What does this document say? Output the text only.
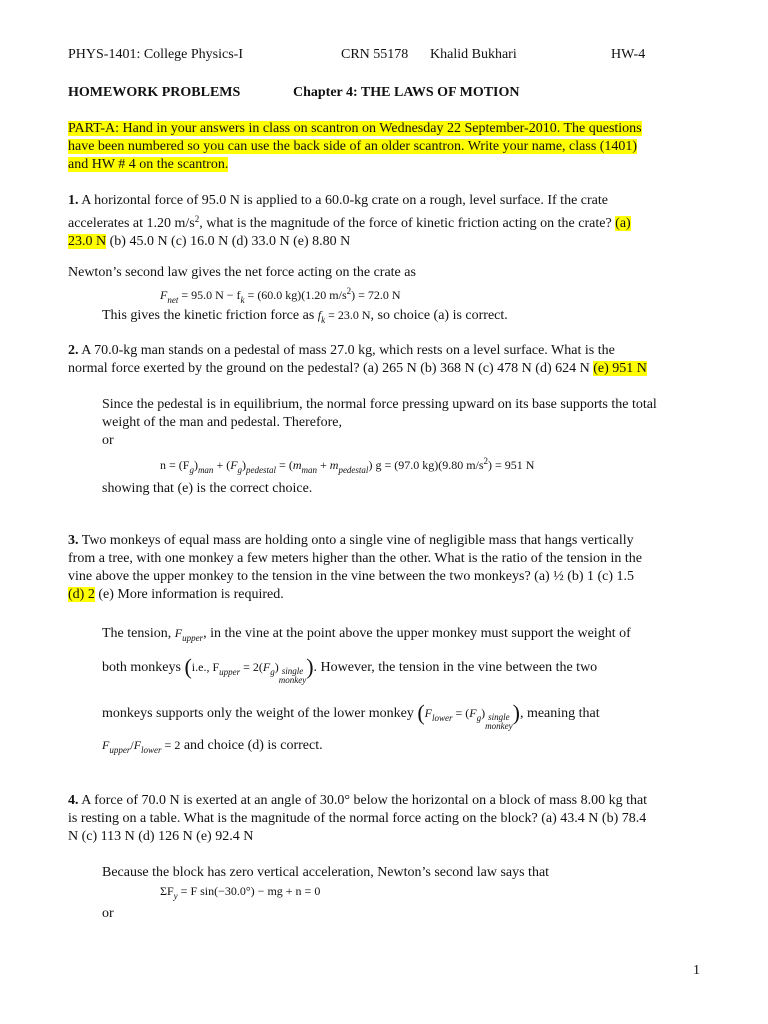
PHYS-1401: College Physics-I	CRN 55178 Khalid Bukhari	HW-4
HOMEWORK PROBLEMS	Chapter 4: THE LAWS OF MOTION
PART-A: Hand in your answers in class on scantron on Wednesday 22 September-2010. The questions
have been numbered so you can use the back side of an older scantron. Write your name, class (1401)
and HW # 4 on the scantron.
1. A horizontal force of 95.0 N is applied to a 60.0-kg crate on a rough, level surface. If the crate
accelerates at 1.20 $m/s^2$, what is the magnitude of the force of kinetic friction acting on the crate? (a)
23.0 N (b) 45.0 N (c) 16.0 N (d) 33.0 N (e) 8.80 N
Newton’s second law gives the net force acting on the crate as
$F_{net} = 95.0$ $N - f_k = (60.0$ kg)(1.20 $m/s^2) = 72.0$ N
This gives the kinetic friction force as $f_k = 23.0$ N, so choice (a) is correct.
2. A 70.0-kg man stands on a pedestal of mass 27.0 kg, which rests on a level surface. What is the
normal force exerted by the ground on the pedestal? (a) 265 N (b) 368 N (c) 478 N (d) 624 N (e) 951 N
Since the pedestal is in equilibrium, the normal force pressing upward on its base supports the total
weight of the man and pedestal. Therefore,
or
$n = (F_g)_{man} + (F_g)_{pedestal} = (m_{man} + m_{pedestal}) g = (97.0$ kg)(9.80 $m/s^2) = 951$ N
showing that (e) is the correct choice.
3. Two monkeys of equal mass are holding onto a single vine of negligible mass that hangs vertically
from a tree, with one monkey a few meters higher than the other. What is the ratio of the tension in the
vine above the upper monkey to the tension in the vine between the two monkeys? (a) ½ (b) 1 (c) 1.5
(d) 2 (e) More information is required.
The tension, $F_{upper}$, in the vine at the point above the upper monkey must support the weight of
both monkeys (i.e., $F_{upper} = 2(F_g)$ single
monkey). However, the tension in the vine between the two
monkeys supports only the weight of the lower monkey ($F_{lower} = (F_g)$ single
monkey), meaning that
$F_{upper}/F_{lower} = 2$ and choice (d) is correct.
4. A force of 70.0 N is exerted at an angle of 30.0° below the horizontal on a block of mass 8.00 kg that
is resting on a table. What is the magnitude of the normal force acting on the block? (a) 43.4 N (b) 78.4
N (c) 113 N (d) 126 N (e) 92.4 N
Because the block has zero vertical acceleration, Newton’s second law says that
$\Sigma F_y = F$ sin(−30.0°) − mg + n = 0
or
1
